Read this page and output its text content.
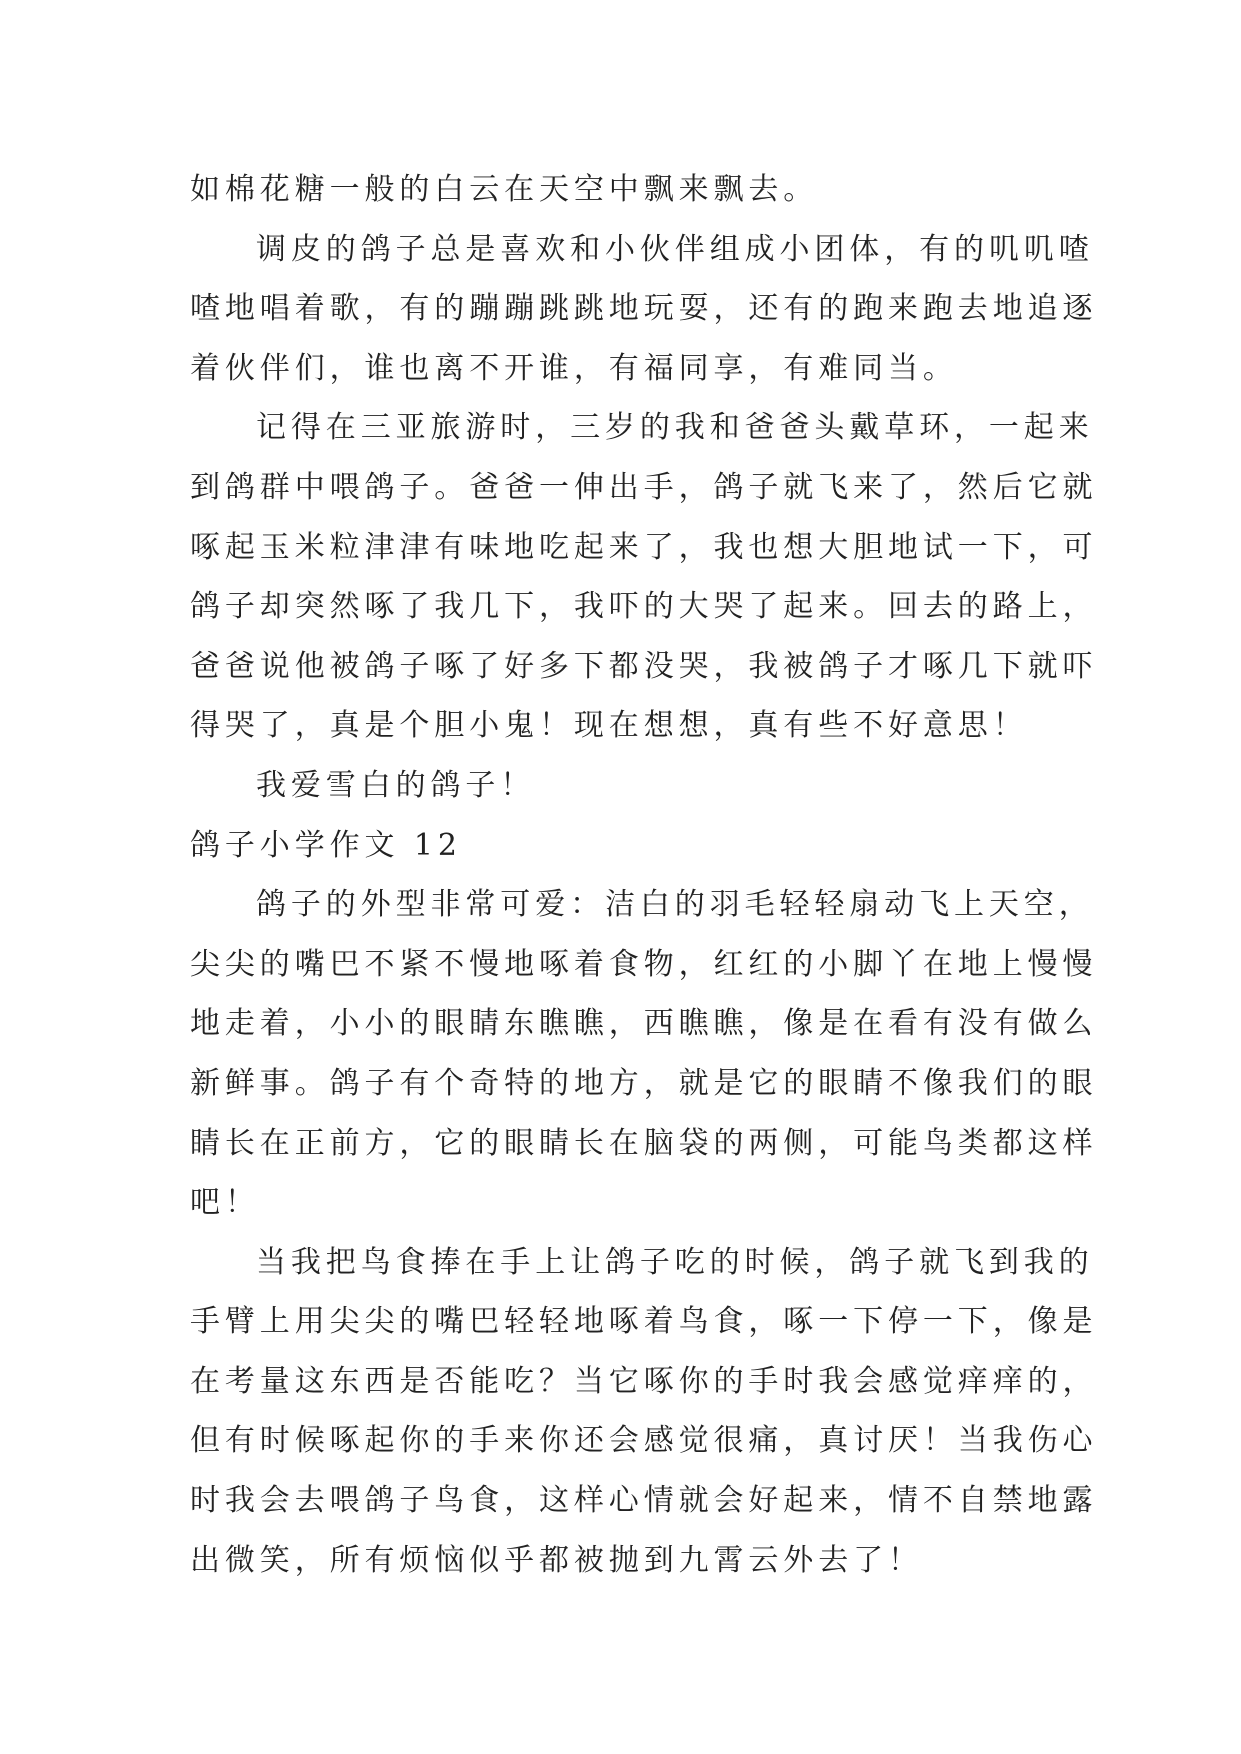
如棉花糖一般的白云在天空中飘来飘去。
调皮的鸽子总是喜欢和小伙伴组成小团体，有的叽叽喳
喳地唱着歌，有的蹦蹦跳跳地玩耍，还有的跑来跑去地追逐
着伙伴们，谁也离不开谁，有福同享，有难同当。
记得在三亚旅游时，三岁的我和爸爸头戴草环，一起来
到鸽群中喂鸽子。爸爸一伸出手，鸽子就飞来了，然后它就
啄起玉米粒津津有味地吃起来了，我也想大胆地试一下，可
鸽子却突然啄了我几下，我吓的大哭了起来。回去的路上，
爸爸说他被鸽子啄了好多下都没哭，我被鸽子才啄几下就吓
得哭了，真是个胆小鬼！现在想想，真有些不好意思！
我爱雪白的鸽子！
鸽子小学作文 12
鸽子的外型非常可爱：洁白的羽毛轻轻扇动飞上天空，
尖尖的嘴巴不紧不慢地啄着食物，红红的小脚丫在地上慢慢
地走着，小小的眼睛东瞧瞧，西瞧瞧，像是在看有没有做么
新鲜事。鸽子有个奇特的地方，就是它的眼睛不像我们的眼
睛长在正前方，它的眼睛长在脑袋的两侧，可能鸟类都这样
吧！
当我把鸟食捧在手上让鸽子吃的时候，鸽子就飞到我的
手臂上用尖尖的嘴巴轻轻地啄着鸟食，啄一下停一下，像是
在考量这东西是否能吃？当它啄你的手时我会感觉痒痒的，
但有时候啄起你的手来你还会感觉很痛，真讨厌！当我伤心
时我会去喂鸽子鸟食，这样心情就会好起来，情不自禁地露
出微笑，所有烦恼似乎都被抛到九霄云外去了！
